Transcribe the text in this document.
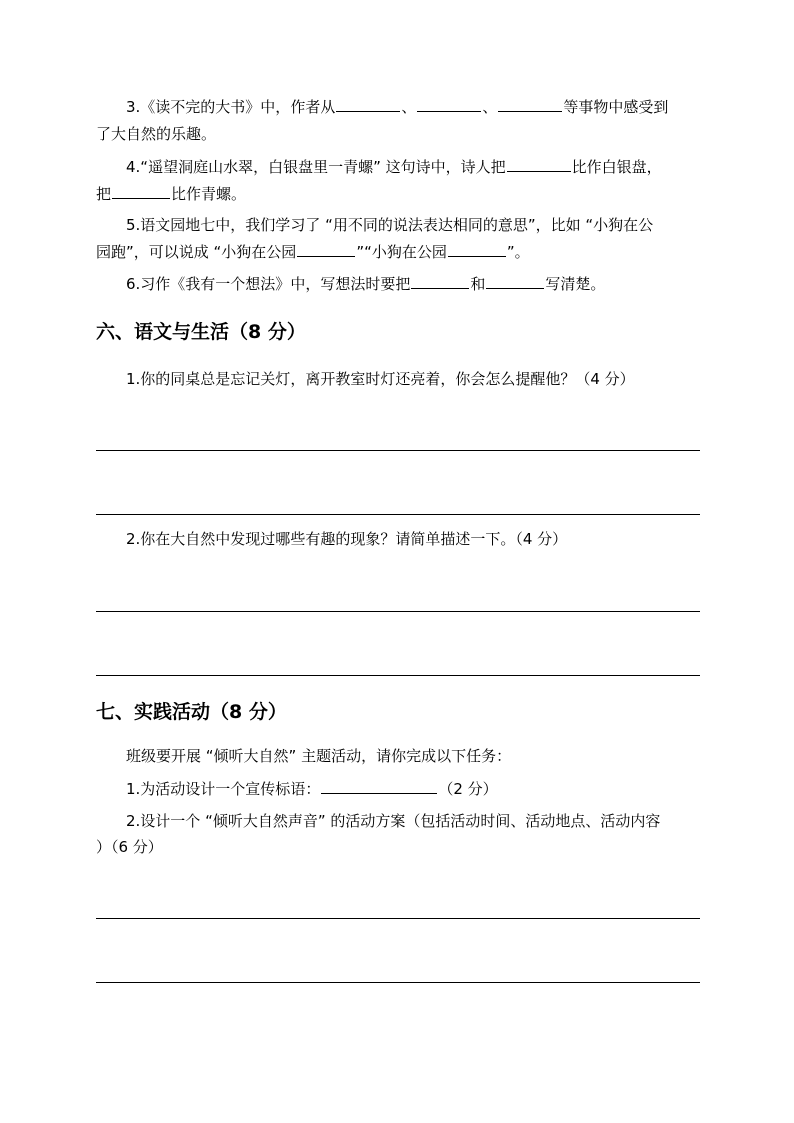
3.《读不完的大书》中，作者从	、	、	等事物中感受到
了大自然的乐趣。
4.“遥望洞庭山水翠，白银盘里一青螺” 这句诗中，诗人把	比作白银盘，
把	比作青螺。
5.语文园地七中，我们学习了 “用不同的说法表达相同的意思”，比如 “小狗在公
园跑”，可以说成 “小狗在公园	”“小狗在公园	”。
6.习作《我有一个想法》中，写想法时要把	和	写清楚。
六、语文与生活（8 分）
1.你的同桌总是忘记关灯，离开教室时灯还亮着，你会怎么提醒他？（4 分）
2.你在大自然中发现过哪些有趣的现象？请简单描述一下。（4 分）
七、实践活动（8 分）
班级要开展 “倾听大自然” 主题活动，请你完成以下任务：
1.为活动设计一个宣传标语：	（2 分）
2.设计一个 “倾听大自然声音” 的活动方案（包括活动时间、活动地点、活动内容
）（6 分）
